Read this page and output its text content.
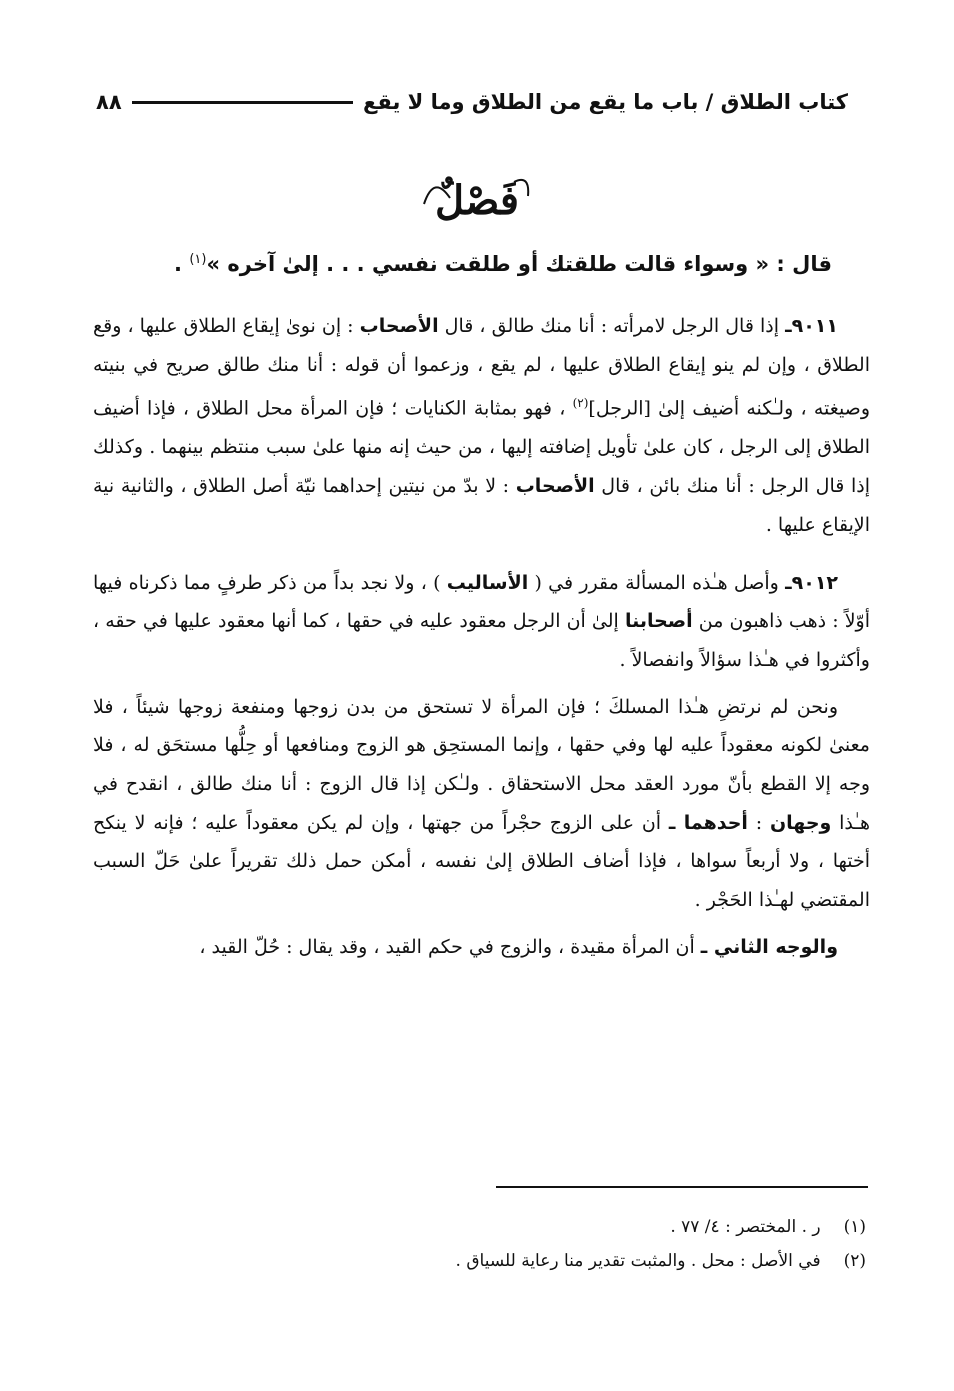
كتاب الطلاق / باب ما يقع من الطلاق وما لا يقع
٨٨
فَصْلٌ
قال : « وسواء قالت طلقتك أو طلقت نفسي . . . إلىٰ آخره »$^{(١)}$ .

٩٠١١ـ إذا قال الرجل لامرأته : أنا منك طالق ، قال الأصحاب : إن نوىٰ إيقاع الطلاق عليها ، وقع الطلاق ، وإن لم ينو إيقاع الطلاق عليها ، لم يقع ، وزعموا أن قوله : أنا منك طالق صريح في بنيته وصيغته ، ولـٰكنه أضيف إلىٰ [الرجل]$^{(٢)}$ ، فهو بمثابة الكنايات ؛ فإن المرأة محل الطلاق ، فإذا أضيف الطلاق إلى الرجل ، كان علىٰ تأويل إضافته إليها ، من حيث إنه منها علىٰ سبب منتظم بينهما . وكذلك إذا قال الرجل : أنا منك بائن ، قال الأصحاب : لا بدّ من نيتين إحداهما نيّة أصل الطلاق ، والثانية نية الإيقاع عليها .

٩٠١٢ـ وأصل هـٰذه المسألة مقرر في ( الأساليب ) ، ولا نجد بداً من ذكر طرفٍ مما ذكرناه فيها أوّلاً : ذهب ذاهبون من أصحابنا إلىٰ أن الرجل معقود عليه في حقها ، كما أنها معقود عليها في حقه ، وأكثروا في هـٰذا سؤالاً وانفصالاً .

ونحن لم نرتضِ هـٰذا المسلكَ ؛ فإن المرأة لا تستحق من بدن زوجها ومنفعة زوجها شيئاً ، فلا معنىٰ لكونه معقوداً عليه لها وفي حقها ، وإنما المستحِق هو الزوج ومنافعها أو حِلُّها مستحَق له ، فلا وجه إلا القطع بأنّ مورد العقد محل الاستحقاق . ولـٰكن إذا قال الزوج : أنا منك طالق ، انقدح في هـٰذا وجهان : أحدهما ـ أن على الزوج حجْراً من جهتها ، وإن لم يكن معقوداً عليه ؛ فإنه لا ينكح أختها ، ولا أربعاً سواها ، فإذا أضاف الطلاق إلىٰ نفسه ، أمكن حمل ذلك تقريراً علىٰ حَلّ السبب المقتضي لهـٰذا الحَجْر .

والوجه الثاني ـ أن المرأة مقيدة ، والزوج في حكم القيد ، وقد يقال : حُلّ القيد ،

(١) ر . المختصر : ٤/ ٧٧ .
(٢) في الأصل : محل . والمثبت تقدير منا رعاية للسياق .
